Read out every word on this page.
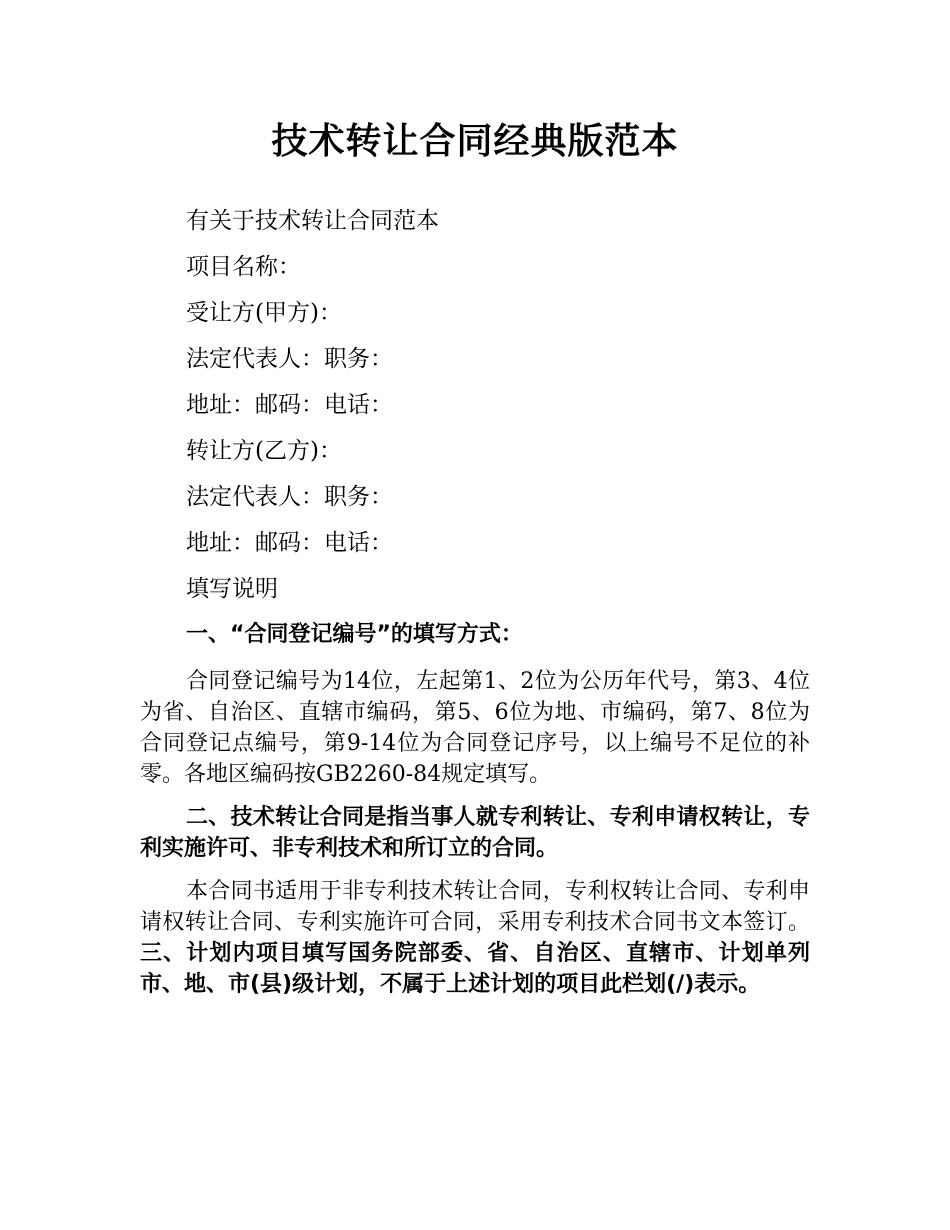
技术转让合同经典版范本

有关于技术转让合同范本

项目名称：

受让方(甲方)：

法定代表人：职务：

地址：邮码：电话：

转让方(乙方)：

法定代表人：职务：

地址：邮码：电话：

填写说明

一、“合同登记编号”的填写方式：

合同登记编号为14位，左起第1、2位为公历年代号，第3、4位为省、自治区、直辖市编码，第5、6位为地、市编码，第7、8位为合同登记点编号，第9-14位为合同登记序号，以上编号不足位的补零。各地区编码按GB2260-84规定填写。

二、技术转让合同是指当事人就专利转让、专利申请权转让，专利实施许可、非专利技术和所订立的合同。

本合同书适用于非专利技术转让合同，专利权转让合同、专利申请权转让合同、专利实施许可合同，采用专利技术合同书文本签订。三、计划内项目填写国务院部委、省、自治区、直辖市、计划单列市、地、市(县)级计划，不属于上述计划的项目此栏划(/)表示。
